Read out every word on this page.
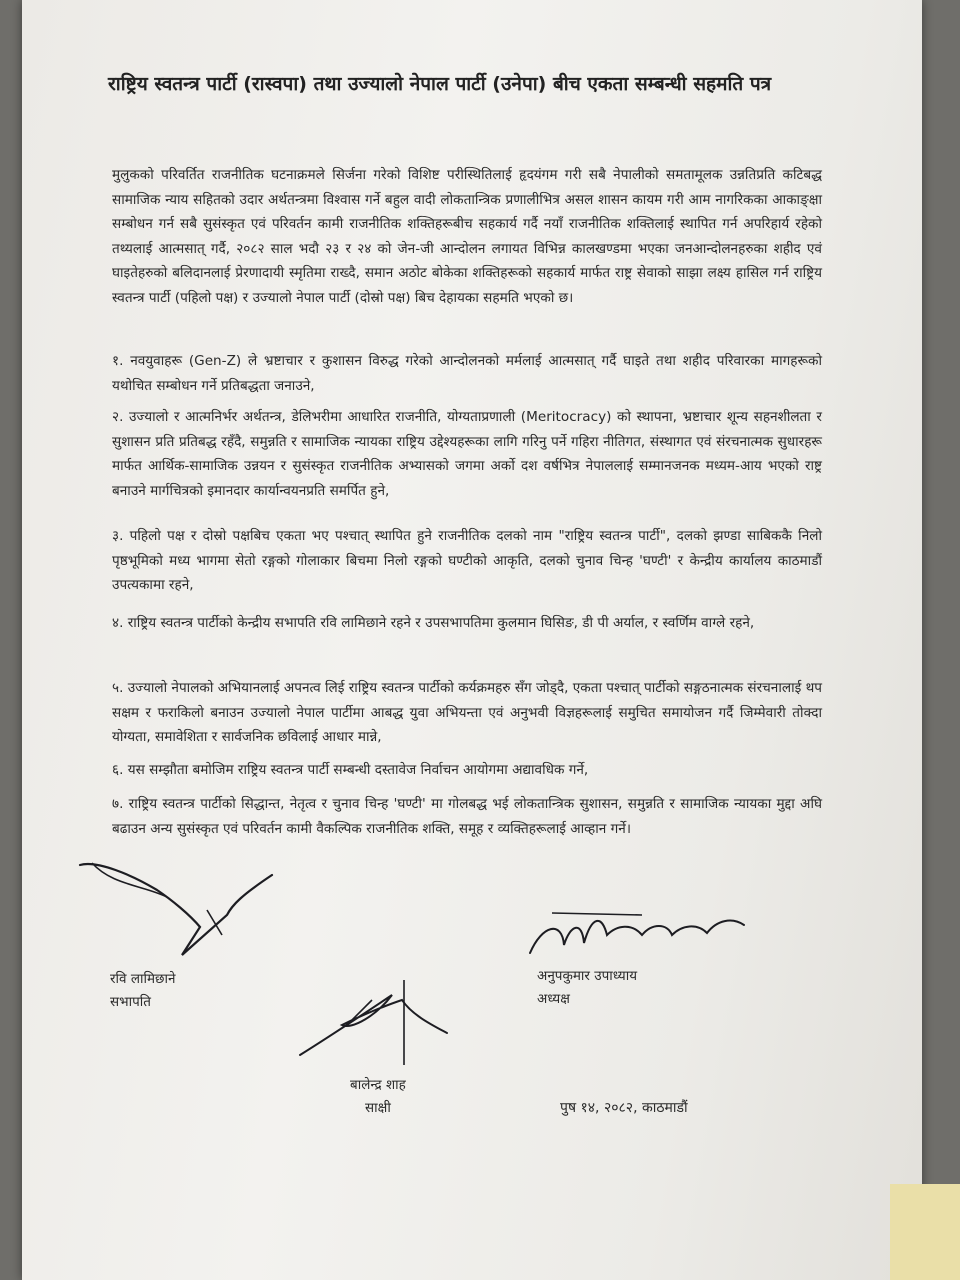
राष्ट्रिय स्वतन्त्र पार्टी (रास्वपा) तथा उज्यालो नेपाल पार्टी (उनेपा) बीच एकता सम्बन्धी सहमति पत्र

मुलुकको परिवर्तित राजनीतिक घटनाक्रमले सिर्जना गरेको विशिष्ट परीस्थितिलाई हृदयंगम गरी सबै नेपालीको समतामूलक उन्नतिप्रति कटिबद्ध सामाजिक न्याय सहितको उदार अर्थतन्त्रमा विश्‍वास गर्ने बहुल वादी लोकतान्त्रिक प्रणालीभित्र असल शासन कायम गरी आम नागरिकका आकाङ्क्षा सम्बोधन गर्न सबै सुसंस्कृत एवं परिवर्तन कामी राजनीतिक शक्तिहरूबीच सहकार्य गर्दै नयाँ राजनीतिक शक्तिलाई स्थापित गर्न अपरिहार्य रहेको तथ्यलाई आत्मसात् गर्दै, २०८२ साल भदौ २३ र २४ को जेन-जी आन्दोलन लगायत विभिन्न कालखण्डमा भएका जनआन्दोलनहरुका शहीद एवं घाइतेहरुको बलिदानलाई प्रेरणादायी स्मृतिमा राख्दै, समान अठोट बोकेका शक्तिहरूको सहकार्य मार्फत राष्ट्र सेवाको साझा लक्ष्य हासिल गर्न राष्ट्रिय स्वतन्त्र पार्टी (पहिलो पक्ष) र उज्यालो नेपाल पार्टी (दोस्रो पक्ष) बिच देहायका सहमति भएको छ।

१. नवयुवाहरू (Gen-Z) ले भ्रष्टाचार र कुशासन विरुद्ध गरेको आन्दोलनको मर्मलाई आत्मसात् गर्दै घाइते तथा शहीद परिवारका मागहरूको यथोचित सम्बोधन गर्ने प्रतिबद्धता जनाउने,

२. उज्यालो र आत्मनिर्भर अर्थतन्त्र, डेलिभरीमा आधारित राजनीति, योग्यताप्रणाली (Meritocracy) को स्थापना, भ्रष्टाचार शून्य सहनशीलता र सुशासन प्रति प्रतिबद्ध रहँदै, समुन्नति र सामाजिक न्यायका राष्ट्रिय उद्देश्यहरूका लागि गरिनु पर्ने गहिरा नीतिगत, संस्थागत एवं संरचनात्मक सुधारहरू मार्फत आर्थिक-सामाजिक उन्नयन र सुसंस्कृत राजनीतिक अभ्यासको जगमा अर्को दश वर्षभित्र नेपाललाई सम्मानजनक मध्यम-आय भएको राष्ट्र बनाउने मार्गचित्रको इमानदार कार्यान्वयनप्रति समर्पित हुने,

३. पहिलो पक्ष र दोस्रो पक्षबिच एकता भए पश्चात् स्थापित हुने राजनीतिक दलको नाम "राष्ट्रिय स्वतन्त्र पार्टी", दलको झण्डा साबिककै निलो पृष्ठभूमिको मध्य भागमा सेतो रङ्गको गोलाकार बिचमा निलो रङ्गको घण्टीको आकृति, दलको चुनाव चिन्ह 'घण्टी' र केन्द्रीय कार्यालय काठमाडौं उपत्यकामा रहने,

४. राष्ट्रिय स्वतन्त्र पार्टीको केन्द्रीय सभापति रवि लामिछाने रहने र उपसभापतिमा कुलमान घिसिङ, डी पी अर्याल, र स्वर्णिम वाग्ले रहने,

५. उज्यालो नेपालको अभियानलाई अपनत्व लिई राष्ट्रिय स्वतन्त्र पार्टीको कर्यक्रमहरु सँग जोड्दै, एकता पश्चात् पार्टीको सङ्गठनात्मक संरचनालाई थप सक्षम र फराकिलो बनाउन उज्यालो नेपाल पार्टीमा आबद्ध युवा अभियन्ता एवं अनुभवी विज्ञहरूलाई समुचित समायोजन गर्दै जिम्मेवारी तोक्दा योग्यता, समावेशिता र सार्वजनिक छविलाई आधार मान्ने,

६. यस सम्झौता बमोजिम राष्ट्रिय स्वतन्त्र पार्टी सम्बन्धी दस्तावेज निर्वाचन आयोगमा अद्यावधिक गर्ने,

७. राष्ट्रिय स्वतन्त्र पार्टीको सिद्धान्त, नेतृत्व र चुनाव चिन्ह 'घण्टी' मा गोलबद्ध भई लोकतान्त्रिक सुशासन, समुन्नति र सामाजिक न्यायका मुद्दा अघि बढाउन अन्य सुसंस्कृत एवं परिवर्तन कामी वैकल्पिक राजनीतिक शक्ति, समूह र व्यक्तिहरूलाई आव्हान गर्ने।

रवि लामिछाने
सभापति
अनुपकुमार उपाध्याय
अध्यक्ष
बालेन्द्र शाह
साक्षी	पुष १४, २०८२, काठमाडौं
